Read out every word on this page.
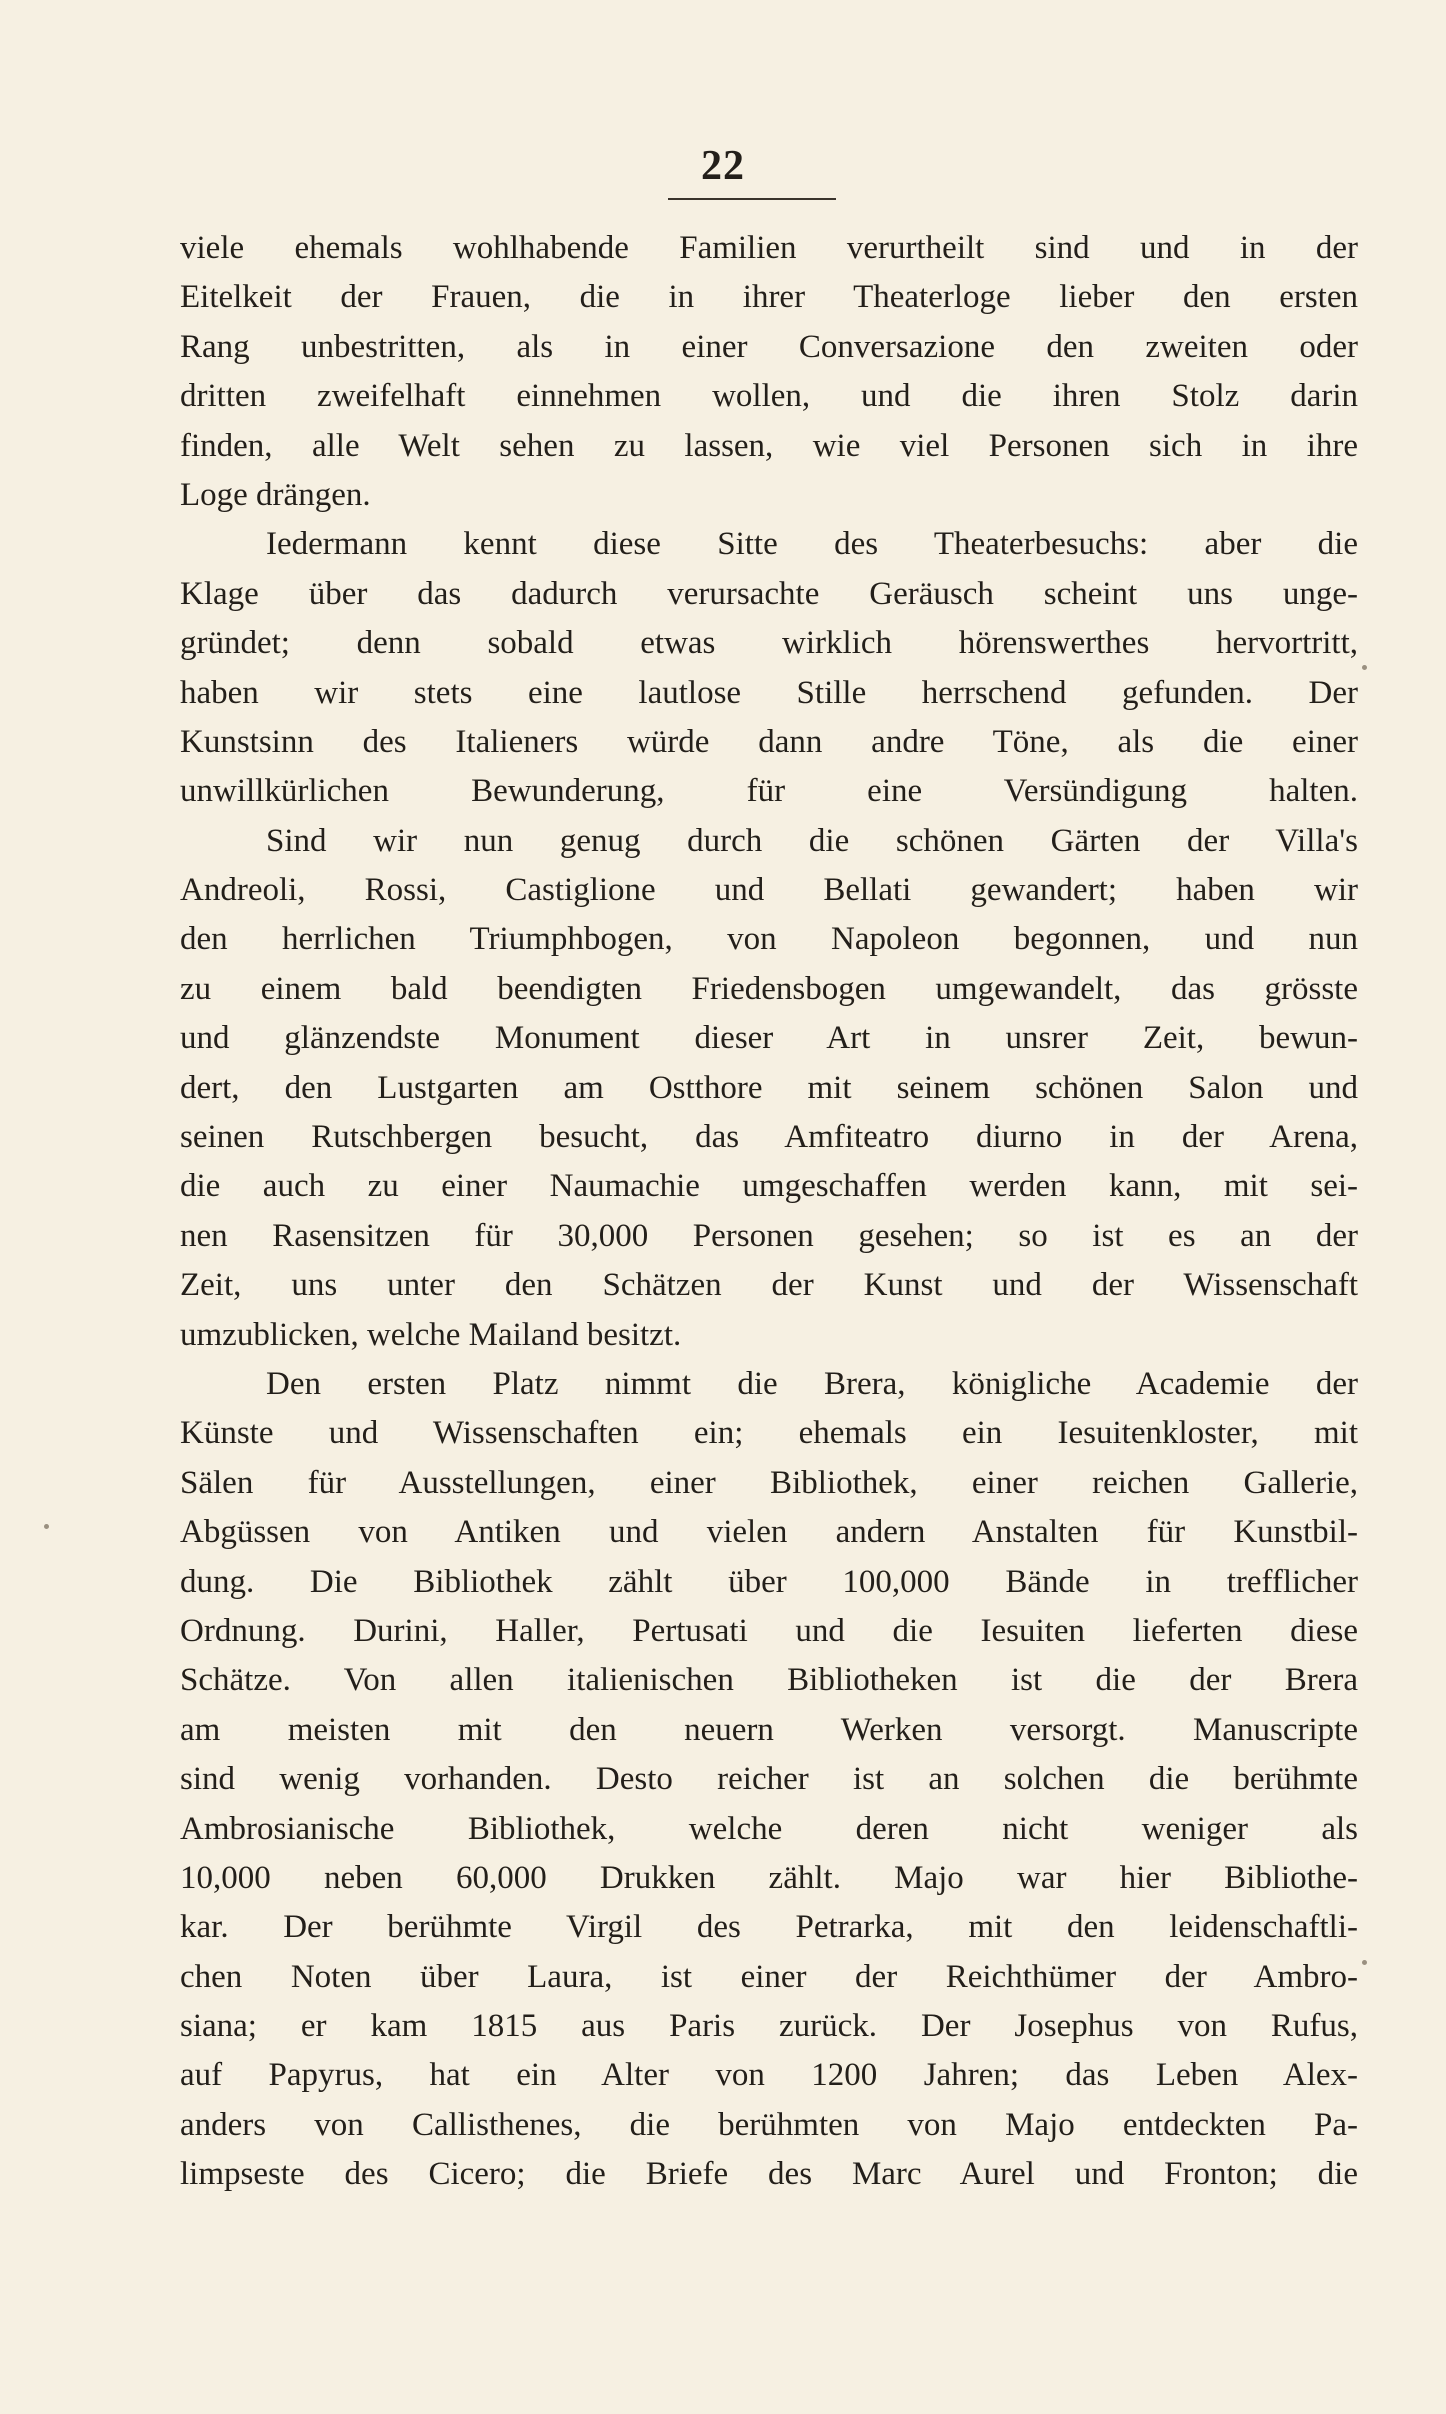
22
viele ehemals wohlhabende Familien verurtheilt sind und in der
Eitelkeit der Frauen, die in ihrer Theaterloge lieber den ersten
Rang unbestritten, als in einer Conversazione den zweiten oder
dritten zweifelhaft einnehmen wollen, und die ihren Stolz darin
finden, alle Welt sehen zu lassen, wie viel Personen sich in ihre
Loge drängen.
Iedermann kennt diese Sitte des Theaterbesuchs: aber die
Klage über das dadurch verursachte Geräusch scheint uns unge-
gründet; denn sobald etwas wirklich hörenswerthes hervortritt,
haben wir stets eine lautlose Stille herrschend gefunden. Der
Kunstsinn des Italieners würde dann andre Töne, als die einer
unwillkürlichen Bewunderung, für eine Versündigung halten.
Sind wir nun genug durch die schönen Gärten der Villa's
Andreoli, Rossi, Castiglione und Bellati gewandert; haben wir
den herrlichen Triumphbogen, von Napoleon begonnen, und nun
zu einem bald beendigten Friedensbogen umgewandelt, das grösste
und glänzendste Monument dieser Art in unsrer Zeit, bewun-
dert, den Lustgarten am Ostthore mit seinem schönen Salon und
seinen Rutschbergen besucht, das Amfiteatro diurno in der Arena,
die auch zu einer Naumachie umgeschaffen werden kann, mit sei-
nen Rasensitzen für 30,000 Personen gesehen; so ist es an der
Zeit, uns unter den Schätzen der Kunst und der Wissenschaft
umzublicken, welche Mailand besitzt.
Den ersten Platz nimmt die Brera, königliche Academie der
Künste und Wissenschaften ein; ehemals ein Iesuitenkloster, mit
Sälen für Ausstellungen, einer Bibliothek, einer reichen Gallerie,
Abgüssen von Antiken und vielen andern Anstalten für Kunstbil-
dung. Die Bibliothek zählt über 100,000 Bände in trefflicher
Ordnung. Durini, Haller, Pertusati und die Iesuiten lieferten diese
Schätze. Von allen italienischen Bibliotheken ist die der Brera
am meisten mit den neuern Werken versorgt. Manuscripte
sind wenig vorhanden. Desto reicher ist an solchen die berühmte
Ambrosianische Bibliothek, welche deren nicht weniger als
10,000 neben 60,000 Drukken zählt. Majo war hier Bibliothe-
kar. Der berühmte Virgil des Petrarka, mit den leidenschaftli-
chen Noten über Laura, ist einer der Reichthümer der Ambro-
siana; er kam 1815 aus Paris zurück. Der Josephus von Rufus,
auf Papyrus, hat ein Alter von 1200 Jahren; das Leben Alex-
anders von Callisthenes, die berühmten von Majo entdeckten Pa-
limpseste des Cicero; die Briefe des Marc Aurel und Fronton; die
